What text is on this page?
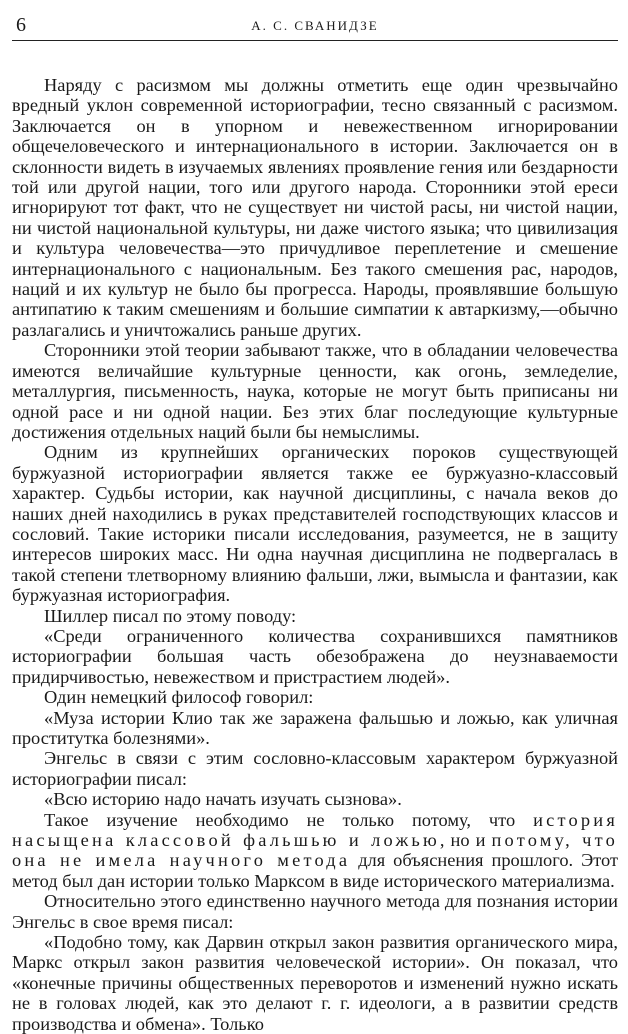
6	А. С. СВАНИДЗЕ

Наряду с расизмом мы должны отметить еще один чрезвычайно вредный уклон современной историографии, тесно связанный с расизмом. Заключается он в упорном и невежественном игнорировании общечеловеческого и интернационального в истории. Заключается он в склонности видеть в изучаемых явлениях проявление гения или бездарности той или другой нации, того или другого народа. Сторонники этой ереси игнорируют тот факт, что не существует ни чистой расы, ни чистой нации, ни чистой национальной культуры, ни даже чистого языка; что цивилизация и культура человечества—это причудливое переплетение и смешение интернационального с национальным. Без такого смешения рас, народов, наций и их культур не было бы прогресса. Народы, проявлявшие большую антипатию к таким смешениям и большие симпатии к автаркизму,—обычно разлагались и уничтожались раньше других.

Сторонники этой теории забывают также, что в обладании человечества имеются величайшие культурные ценности, как огонь, земледелие, металлургия, письменность, наука, которые не могут быть приписаны ни одной расе и ни одной нации. Без этих благ последующие культурные достижения отдельных наций были бы немыслимы.

Одним из крупнейших органических пороков существующей буржуазной историографии является также ее буржуазно-классовый характер. Судьбы истории, как научной дисциплины, с начала веков до наших дней находились в руках представителей господствующих классов и сословий. Такие историки писали исследования, разумеется, не в защиту интересов широких масс. Ни одна научная дисциплина не подвергалась в такой степени тлетворному влиянию фальши, лжи, вымысла и фантазии, как буржуазная историография.

Шиллер писал по этому поводу:

«Среди ограниченного количества сохранившихся памятников историографии большая часть обезображена до неузнаваемости придирчивостью, невежеством и пристрастием людей».

Один немецкий философ говорил:

«Муза истории Клио так же заражена фальшью и ложью, как уличная проститутка болезнями».

Энгельс в связи с этим сословно-классовым характером буржуазной историографии писал:

«Всю историю надо начать изучать сызнова».

Такое изучение необходимо не только потому, что история насыщена классовой фальшью и ложью, но и потому, что она не имела научного метода для объяснения прошлого. Этот метод был дан истории только Марксом в виде исторического материализма.

Относительно этого единственно научного метода для познания истории Энгельс в свое время писал:

«Подобно тому, как Дарвин открыл закон развития органического мира, Маркс открыл закон развития человеческой истории». Он показал, что «конечные причины общественных переворотов и изменений нужно искать не в головах людей, как это делают г. г. идеологи, а в развитии средств производства и обмена». Только
